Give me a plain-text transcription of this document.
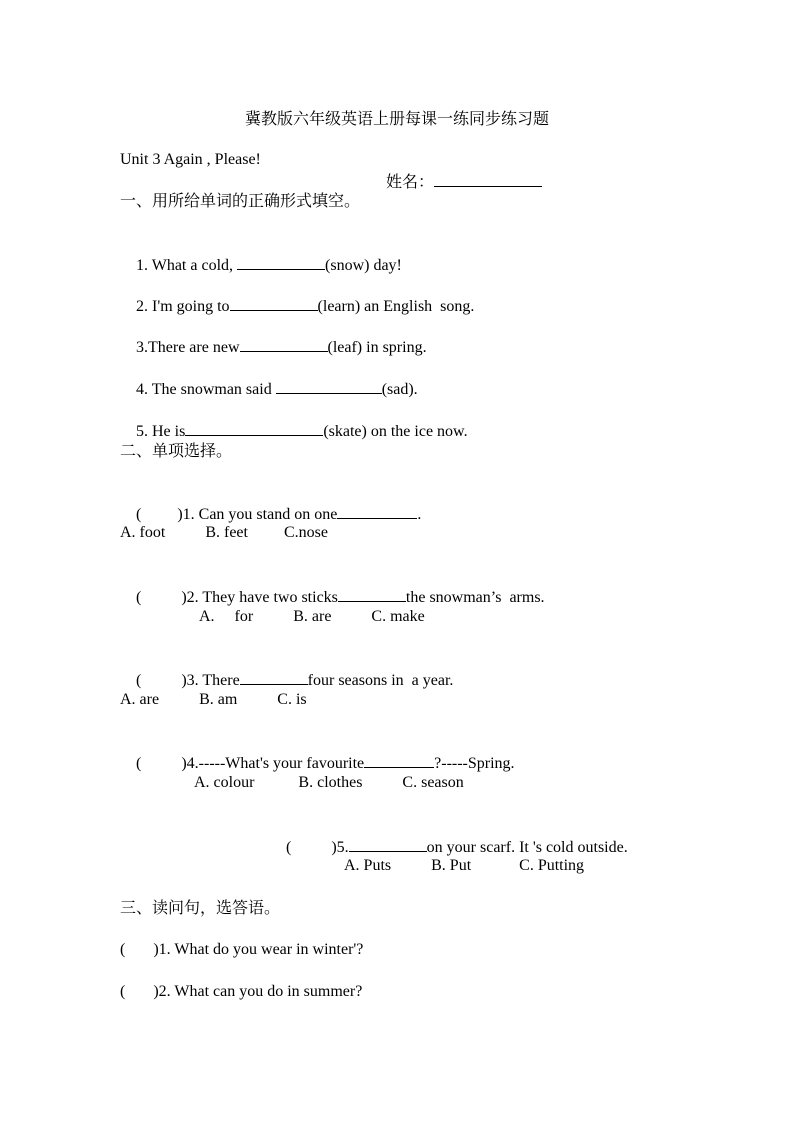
冀教版六年级英语上册每课一练同步练习题
Unit 3 Again , Please!

姓名：

一、用所给单词的正确形式填空。

1. What a cold,	(snow) day!

2. I'm going to	(learn) an English  song.

3.There are new	(leaf) in spring.

4. The snowman said	(sad).

5. He is	(skate) on the ice now.

二、单项选择。

(         )1. Can you stand on one	.

A. foot          B. feet         C.nose

(          )2. They have two sticks	the snowman’s  arms.

A.     for          B. are          C. make

(          )3. There	four seasons in  a year.

A. are          B. am          C. is

(          )4.-----What's your favourite	?-----Spring.

A. colour           B. clothes          C. season

(          )5.	on your scarf. It 's cold outside.

A. Puts          B. Put            C. Putting
三、读问句，选答语。
(       )1. What do you wear in winter'?
(       )2. What can you do in summer?
